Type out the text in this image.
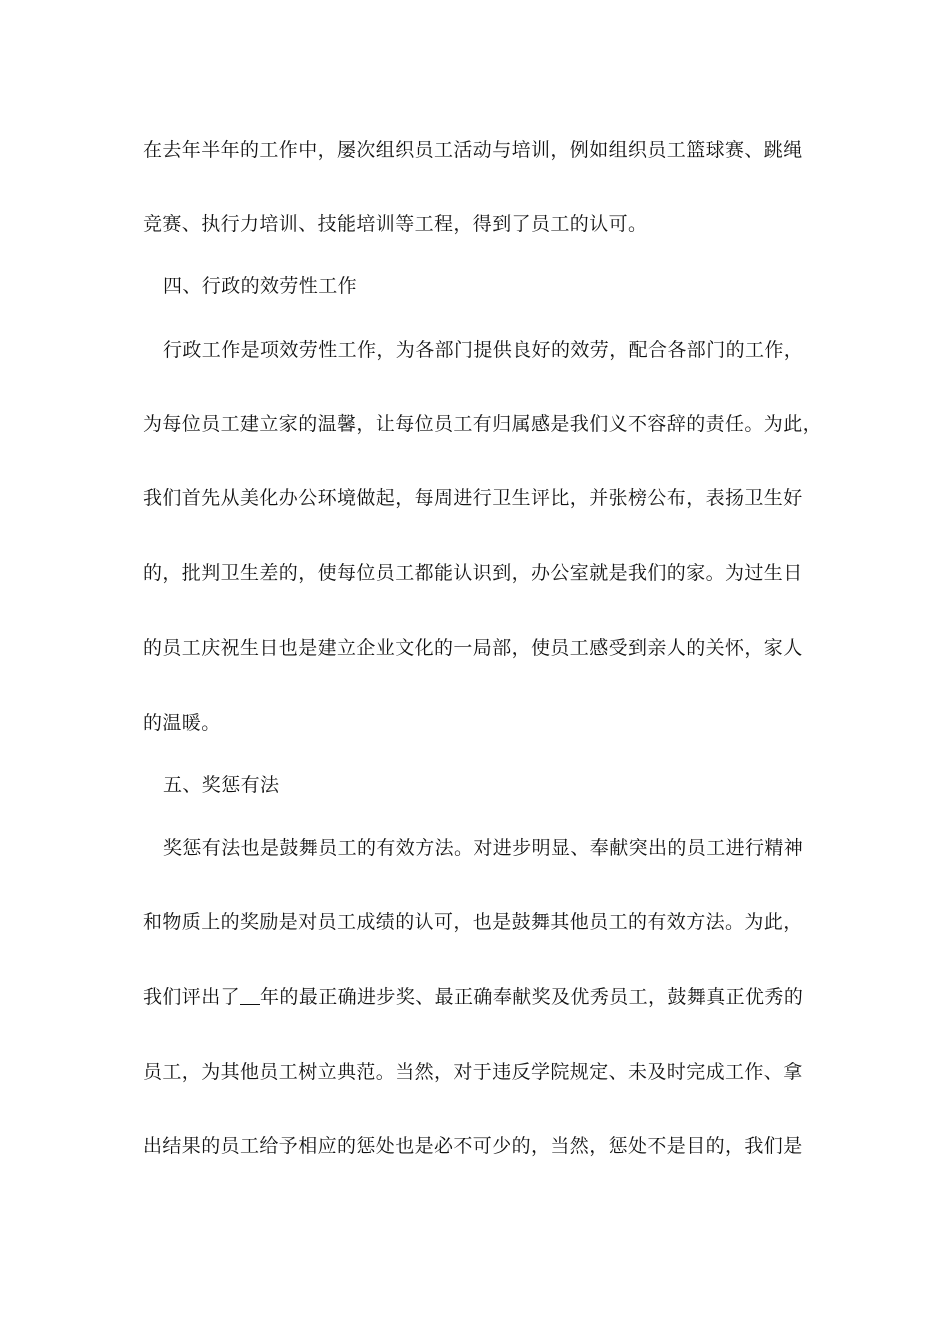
在去年半年的工作中，屡次组织员工活动与培训，例如组织员工篮球赛、跳绳
竞赛、执行力培训、技能培训等工程，得到了员工的认可。
四、行政的效劳性工作
行政工作是项效劳性工作，为各部门提供良好的效劳，配合各部门的工作，
为每位员工建立家的温馨，让每位员工有归属感是我们义不容辞的责任。为此，
我们首先从美化办公环境做起，每周进行卫生评比，并张榜公布，表扬卫生好
的，批判卫生差的，使每位员工都能认识到，办公室就是我们的家。为过生日
的员工庆祝生日也是建立企业文化的一局部，使员工感受到亲人的关怀，家人
的温暖。
五、奖惩有法
奖惩有法也是鼓舞员工的有效方法。对进步明显、奉献突出的员工进行精神
和物质上的奖励是对员工成绩的认可，也是鼓舞其他员工的有效方法。为此，
我们评出了 年的最正确进步奖、最正确奉献奖及优秀员工，鼓舞真正优秀的
员工，为其他员工树立典范。当然，对于违反学院规定、未及时完成工作、拿
出结果的员工给予相应的惩处也是必不可少的，当然，惩处不是目的，我们是
